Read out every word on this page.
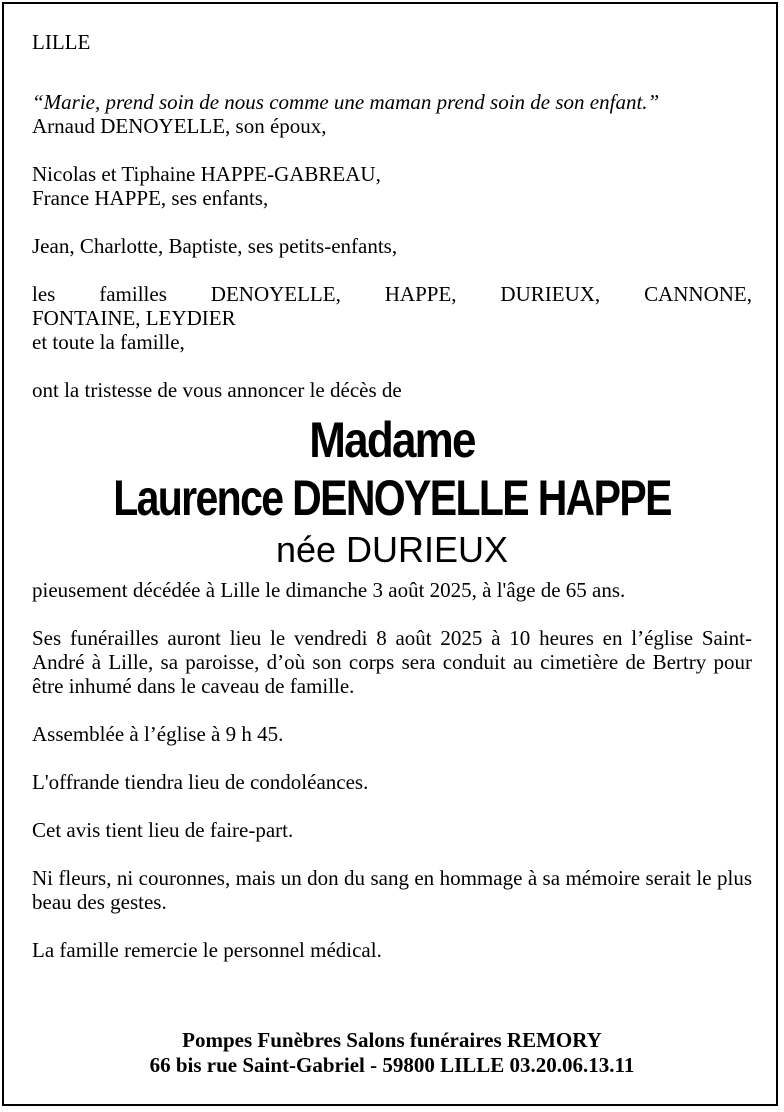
LILLE

“Marie, prend soin de nous comme une maman prend soin de son enfant.”

Arnaud DENOYELLE, son époux,

Nicolas et Tiphaine HAPPE-GABREAU,

France HAPPE, ses enfants,

Jean, Charlotte, Baptiste, ses petits-enfants,

les familles DENOYELLE, HAPPE, DURIEUX, CANNONE,

FONTAINE, LEYDIER

et toute la famille,

ont la tristesse de vous annoncer le décès de

Madame
Laurence DENOYELLE HAPPE
née DURIEUX

pieusement décédée à Lille le dimanche 3 août 2025, à l'âge de 65 ans.

Ses funérailles auront lieu le vendredi 8 août 2025 à 10 heures en l’église Saint-André à Lille, sa paroisse, d’où son corps sera conduit au cimetière de Bertry pour être inhumé dans le caveau de famille.

Assemblée à l’église à 9 h 45.

L'offrande tiendra lieu de condoléances.

Cet avis tient lieu de faire-part.

Ni fleurs, ni couronnes, mais un don du sang en hommage à sa mémoire serait le plus beau des gestes.

La famille remercie le personnel médical.

Pompes Funèbres Salons funéraires REMORY
66 bis rue Saint-Gabriel - 59800 LILLE 03.20.06.13.11
